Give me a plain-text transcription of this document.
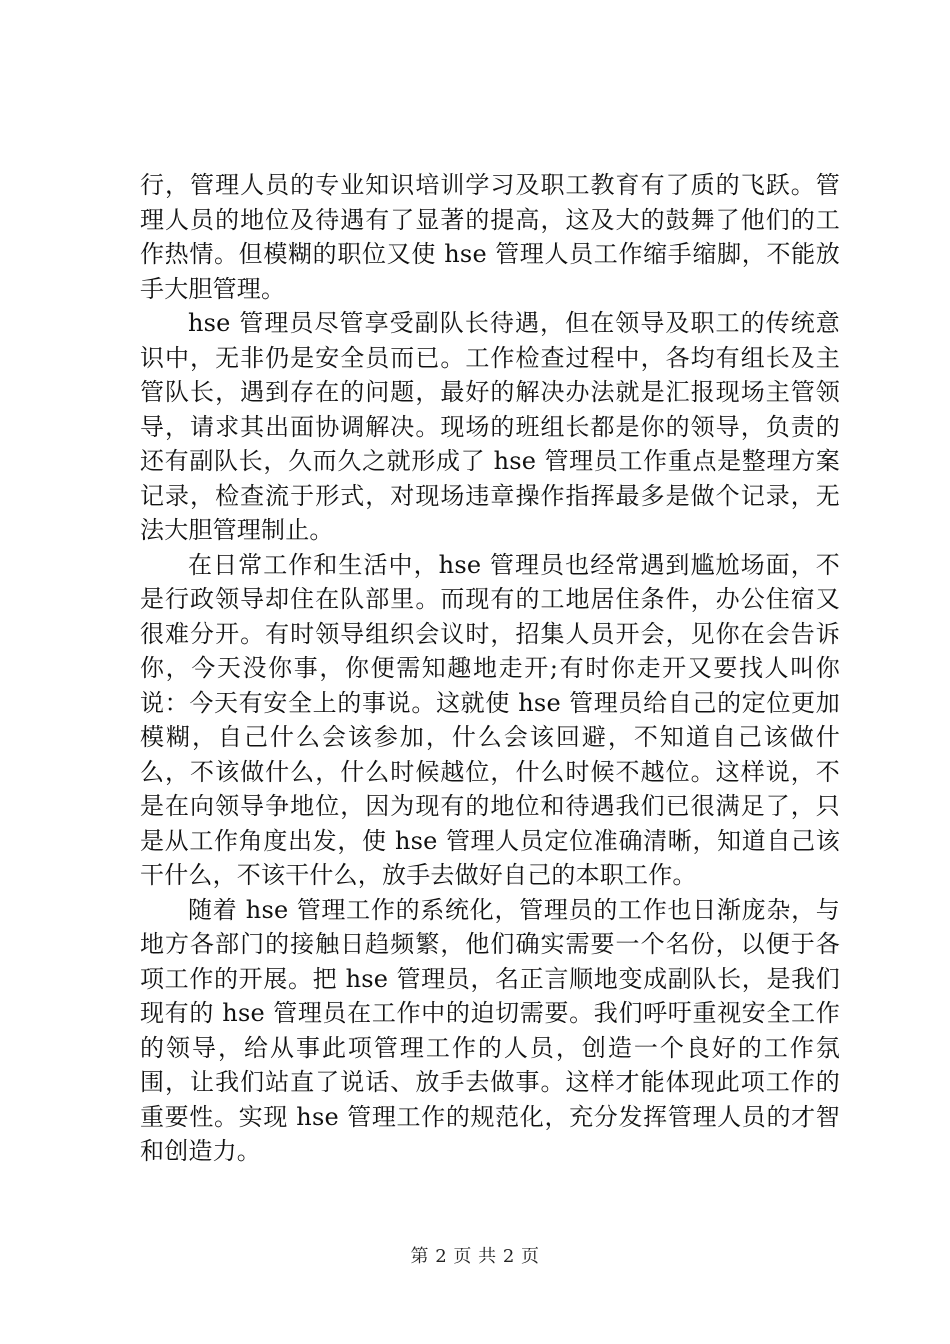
行，管理人员的专业知识培训学习及职工教育有了质的飞跃。管理人员的地位及待遇有了显著的提高，这及大的鼓舞了他们的工作热情。但模糊的职位又使 hse 管理人员工作缩手缩脚，不能放手大胆管理。

hse 管理员尽管享受副队长待遇，但在领导及职工的传统意识中，无非仍是安全员而已。工作检查过程中，各均有组长及主管队长，遇到存在的问题，最好的解决办法就是汇报现场主管领导，请求其出面协调解决。现场的班组长都是你的领导，负责的还有副队长，久而久之就形成了 hse 管理员工作重点是整理方案记录，检查流于形式，对现场违章操作指挥最多是做个记录，无法大胆管理制止。

在日常工作和生活中，hse 管理员也经常遇到尴尬场面，不是行政领导却住在队部里。而现有的工地居住条件，办公住宿又很难分开。有时领导组织会议时，招集人员开会，见你在会告诉你，今天没你事，你便需知趣地走开;有时你走开又要找人叫你说：今天有安全上的事说。这就使 hse 管理员给自己的定位更加模糊，自己什么会该参加，什么会该回避，不知道自己该做什么，不该做什么，什么时候越位，什么时候不越位。这样说，不是在向领导争地位，因为现有的地位和待遇我们已很满足了，只是从工作角度出发，使 hse 管理人员定位准确清晰，知道自己该干什么，不该干什么，放手去做好自己的本职工作。

随着 hse 管理工作的系统化，管理员的工作也日渐庞杂，与地方各部门的接触日趋频繁，他们确实需要一个名份，以便于各项工作的开展。把 hse 管理员，名正言顺地变成副队长，是我们现有的 hse 管理员在工作中的迫切需要。我们呼吁重视安全工作的领导，给从事此项管理工作的人员，创造一个良好的工作氛围，让我们站直了说话、放手去做事。这样才能体现此项工作的重要性。实现 hse 管理工作的规范化，充分发挥管理人员的才智和创造力。

第 2 页 共 2 页
